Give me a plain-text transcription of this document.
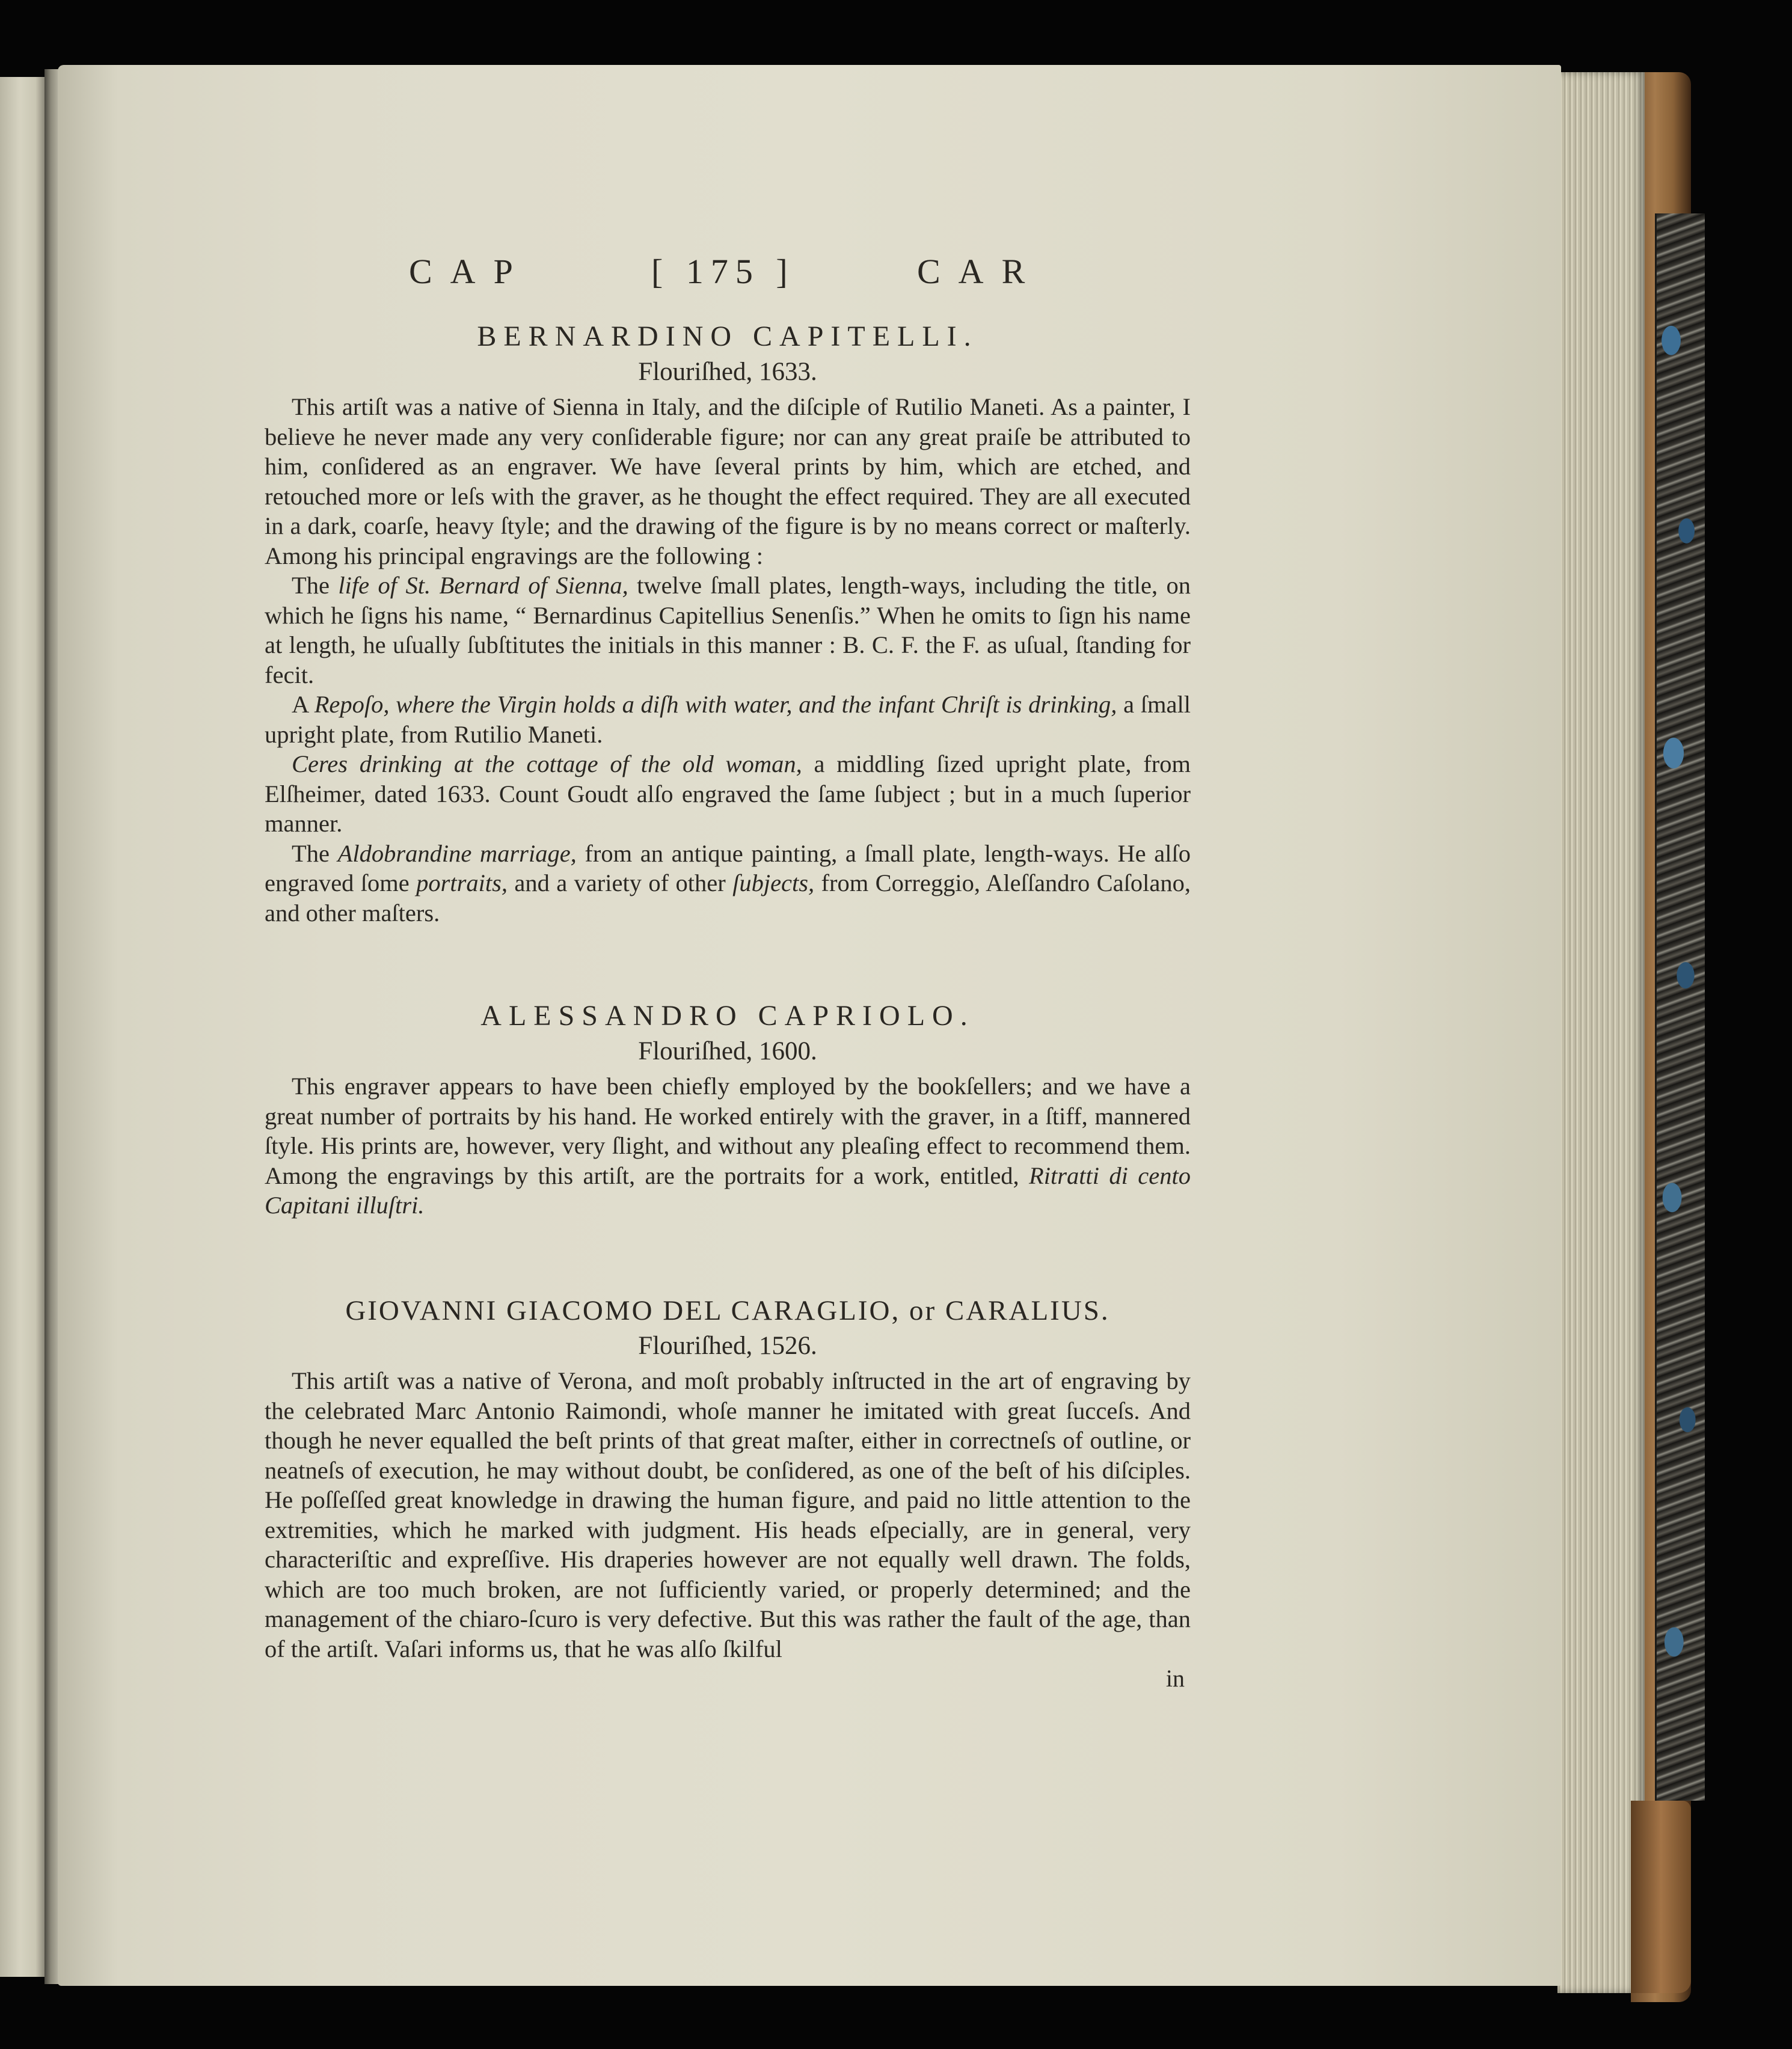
CAP	[ 175 ]	CAR
BERNARDINO CAPITELLI.

Flouriſhed, 1633.

This artiſt was a native of Sienna in Italy, and the diſciple of Rutilio Maneti. As a painter, I believe he never made any very conſiderable figure; nor can any great praiſe be attributed to him, conſidered as an engraver. We have ſeveral prints by him, which are etched, and retouched more or leſs with the graver, as he thought the effect required. They are all executed in a dark, coarſe, heavy ſtyle; and the drawing of the figure is by no means correct or maſterly. Among his principal engravings are the following :

The life of St. Bernard of Sienna, twelve ſmall plates, length-ways, including the title, on which he ſigns his name, “ Bernardinus Capitellius Senenſis.” When he omits to ſign his name at length, he uſually ſubſtitutes the initials in this manner : B. C. F. the F. as uſual, ſtanding for fecit.

A Repoſo, where the Virgin holds a diſh with water, and the infant Chriſt is drinking, a ſmall upright plate, from Rutilio Maneti.

Ceres drinking at the cottage of the old woman, a middling ſized upright plate, from Elſheimer, dated 1633. Count Goudt alſo engraved the ſame ſubject ; but in a much ſuperior manner.

The Aldobrandine marriage, from an antique painting, a ſmall plate, length-ways. He alſo engraved ſome portraits, and a variety of other ſubjects, from Correggio, Aleſſandro Caſolano, and other maſters.

ALESSANDRO CAPRIOLO.

Flouriſhed, 1600.

This engraver appears to have been chiefly employed by the bookſellers; and we have a great number of portraits by his hand. He worked entirely with the graver, in a ſtiff, mannered ſtyle. His prints are, however, very ſlight, and without any pleaſing effect to recommend them. Among the engravings by this artiſt, are the portraits for a work, entitled, Ritratti di cento Capitani illuſtri.

GIOVANNI GIACOMO DEL CARAGLIO, or CARALIUS.

Flouriſhed, 1526.

This artiſt was a native of Verona, and moſt probably inſtructed in the art of engraving by the celebrated Marc Antonio Raimondi, whoſe manner he imitated with great ſucceſs. And though he never equalled the beſt prints of that great maſter, either in correctneſs of outline, or neatneſs of execution, he may without doubt, be conſidered, as one of the beſt of his diſciples. He poſſeſſed great knowledge in drawing the human figure, and paid no little attention to the extremities, which he marked with judgment. His heads eſpecially, are in general, very characteriſtic and expreſſive. His draperies however are not equally well drawn. The folds, which are too much broken, are not ſufficiently varied, or properly determined; and the management of the chiaro-ſcuro is very defective. But this was rather the fault of the age, than of the artiſt. Vaſari informs us, that he was alſo ſkilful

in
